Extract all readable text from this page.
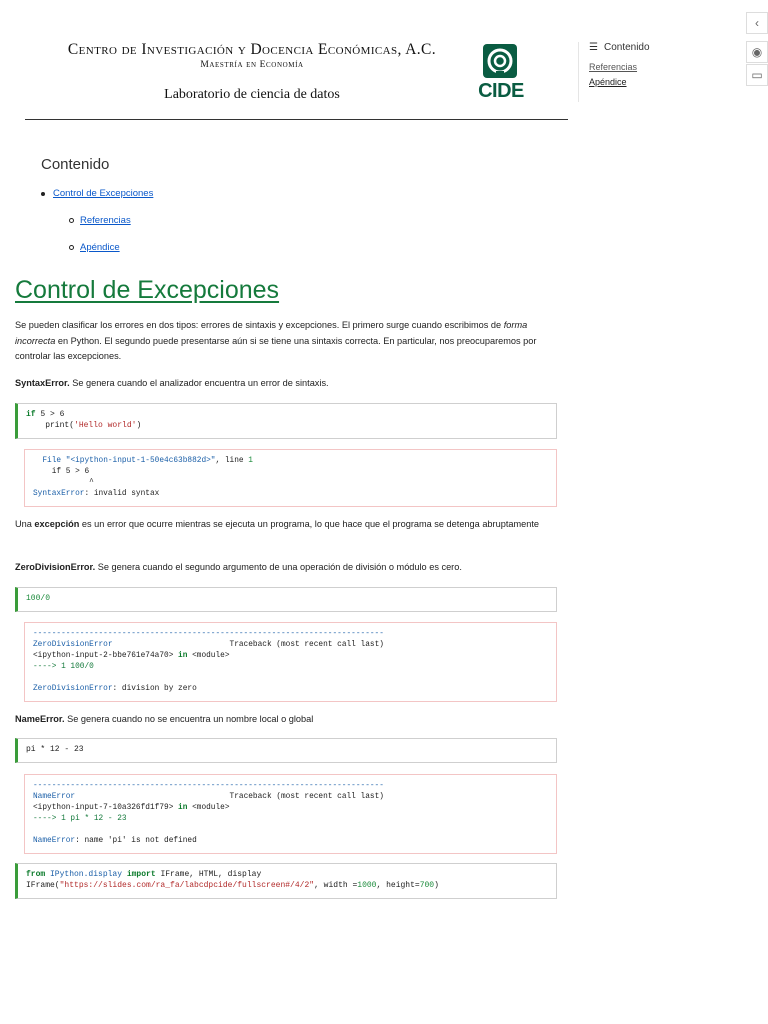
Centro de Investigación y Docencia Económicas, A.C.
Maestría en Economía
Laboratorio de ciencia de datos	CIDE
☰ Contenido
Referencias
Apéndice
‹
◉
▭
Contenido
Control de Excepciones
Referencias
Apéndice
Control de Excepciones
Se pueden clasificar los errores en dos tipos: errores de sintaxis y excepciones. El primero surge cuando escribimos de forma incorrecta en Python. El segundo puede presentarse aún si se tiene una sintaxis correcta. En particular, nos preocuparemos por controlar las excepciones.
SyntaxError. Se genera cuando el analizador encuentra un error de sintaxis.
if 5 > 6
print('Hello world')
File "<ipython-input-1-50e4c63b882d>", line 1
if 5 > 6
^
SyntaxError: invalid syntax
Una excepción es un error que ocurre mientras se ejecuta un programa, lo que hace que el programa se detenga abruptamente
ZeroDivisionError. Se genera cuando el segundo argumento de una operación de división o módulo es cero.
100/0
---------------------------------------------------------------------------
ZeroDivisionError                         Traceback (most recent call last)
<ipython-input-2-bbe761e74a70> in <module>
----> 1 100/0

ZeroDivisionError: division by zero
NameError. Se genera cuando no se encuentra un nombre local o global
pi * 12 - 23
---------------------------------------------------------------------------
NameError                                 Traceback (most recent call last)
<ipython-input-7-10a326fd1f79> in <module>
----> 1 pi * 12 - 23

NameError: name 'pi' is not defined
from IPython.display import IFrame, HTML, display
IFrame("https://slides.com/ra_fa/labcdpcide/fullscreen#/4/2", width =1000, height=700)
